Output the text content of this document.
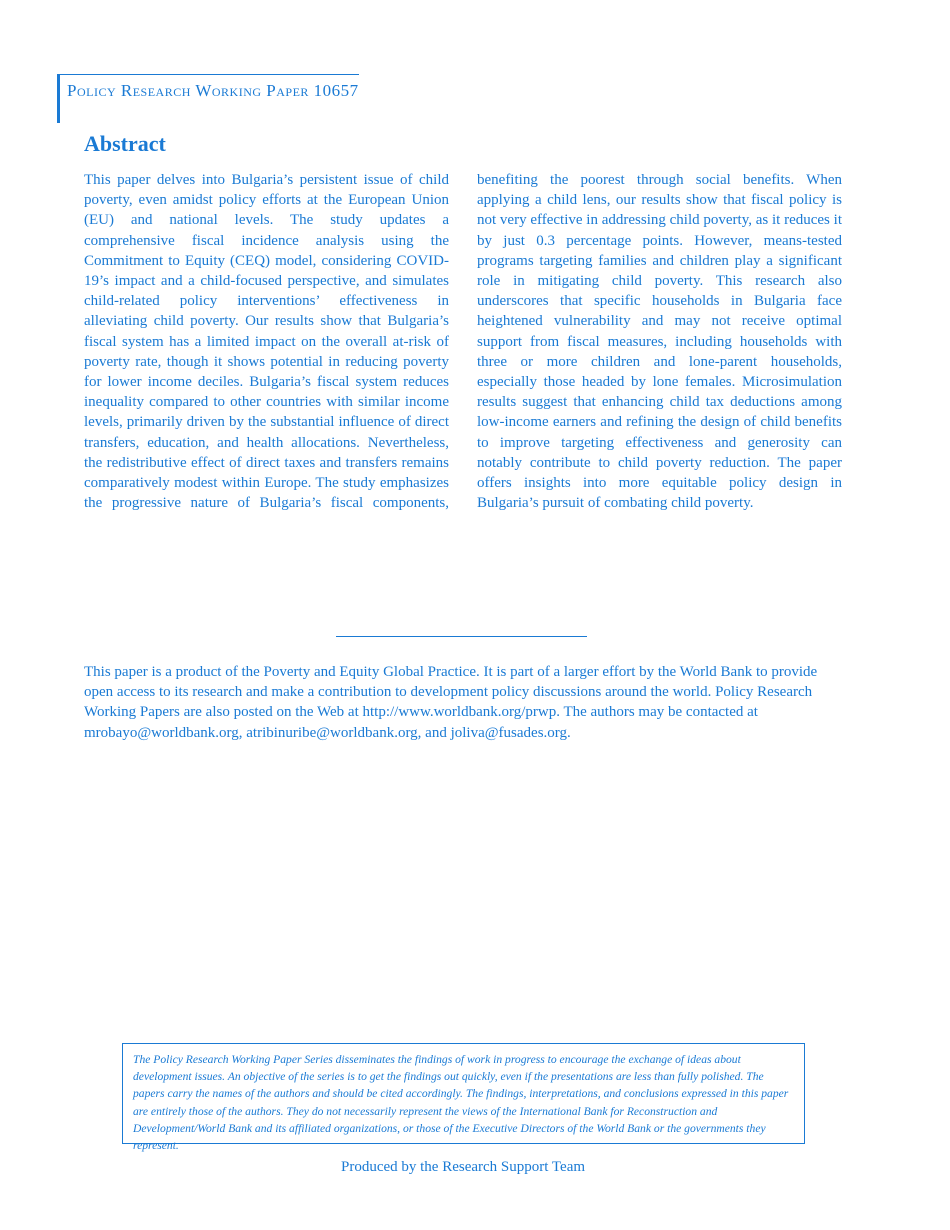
Policy Research Working Paper 10657
Abstract

This paper delves into Bulgaria’s persistent issue of child poverty, even amidst policy efforts at the European Union (EU) and national levels. The study updates a comprehensive fiscal incidence analysis using the Commitment to Equity (CEQ) model, considering COVID-19’s impact and a child-focused perspective, and simulates child-related policy interventions’ effectiveness in alleviating child poverty. Our results show that Bulgaria’s fiscal system has a limited impact on the overall at-risk of poverty rate, though it shows potential in reducing poverty for lower income deciles. Bulgaria’s fiscal system reduces inequality compared to other countries with similar income levels, primarily driven by the substantial influence of direct transfers, education, and health allocations. Nevertheless, the redistributive effect of direct taxes and transfers remains comparatively modest within Europe. The study emphasizes the progressive nature of Bulgaria’s fiscal components, benefiting the poorest through social benefits. When applying a child lens, our results show that fiscal policy is not very effective in addressing child poverty, as it reduces it by just 0.3 percentage points. However, means-tested programs targeting families and children play a significant role in mitigating child poverty. This research also underscores that specific households in Bulgaria face heightened vulnerability and may not receive optimal support from fiscal measures, including households with three or more children and lone-parent households, especially those headed by lone females. Microsimulation results suggest that enhancing child tax deductions among low-income earners and refining the design of child benefits to improve targeting effectiveness and generosity can notably contribute to child poverty reduction. The paper offers insights into more equitable policy design in Bulgaria’s pursuit of combating child poverty.

This paper is a product of the Poverty and Equity Global Practice. It is part of a larger effort by the World Bank to provide open access to its research and make a contribution to development policy discussions around the world. Policy Research Working Papers are also posted on the Web at http://www.worldbank.org/prwp. The authors may be contacted at mrobayo@worldbank.org, atribinuribe@worldbank.org, and joliva@fusades.org.

The Policy Research Working Paper Series disseminates the findings of work in progress to encourage the exchange of ideas about development issues. An objective of the series is to get the findings out quickly, even if the presentations are less than fully polished. The papers carry the names of the authors and should be cited accordingly. The findings, interpretations, and conclusions expressed in this paper are entirely those of the authors. They do not necessarily represent the views of the International Bank for Reconstruction and Development/World Bank and its affiliated organizations, or those of the Executive Directors of the World Bank or the governments they represent.

Produced by the Research Support Team
